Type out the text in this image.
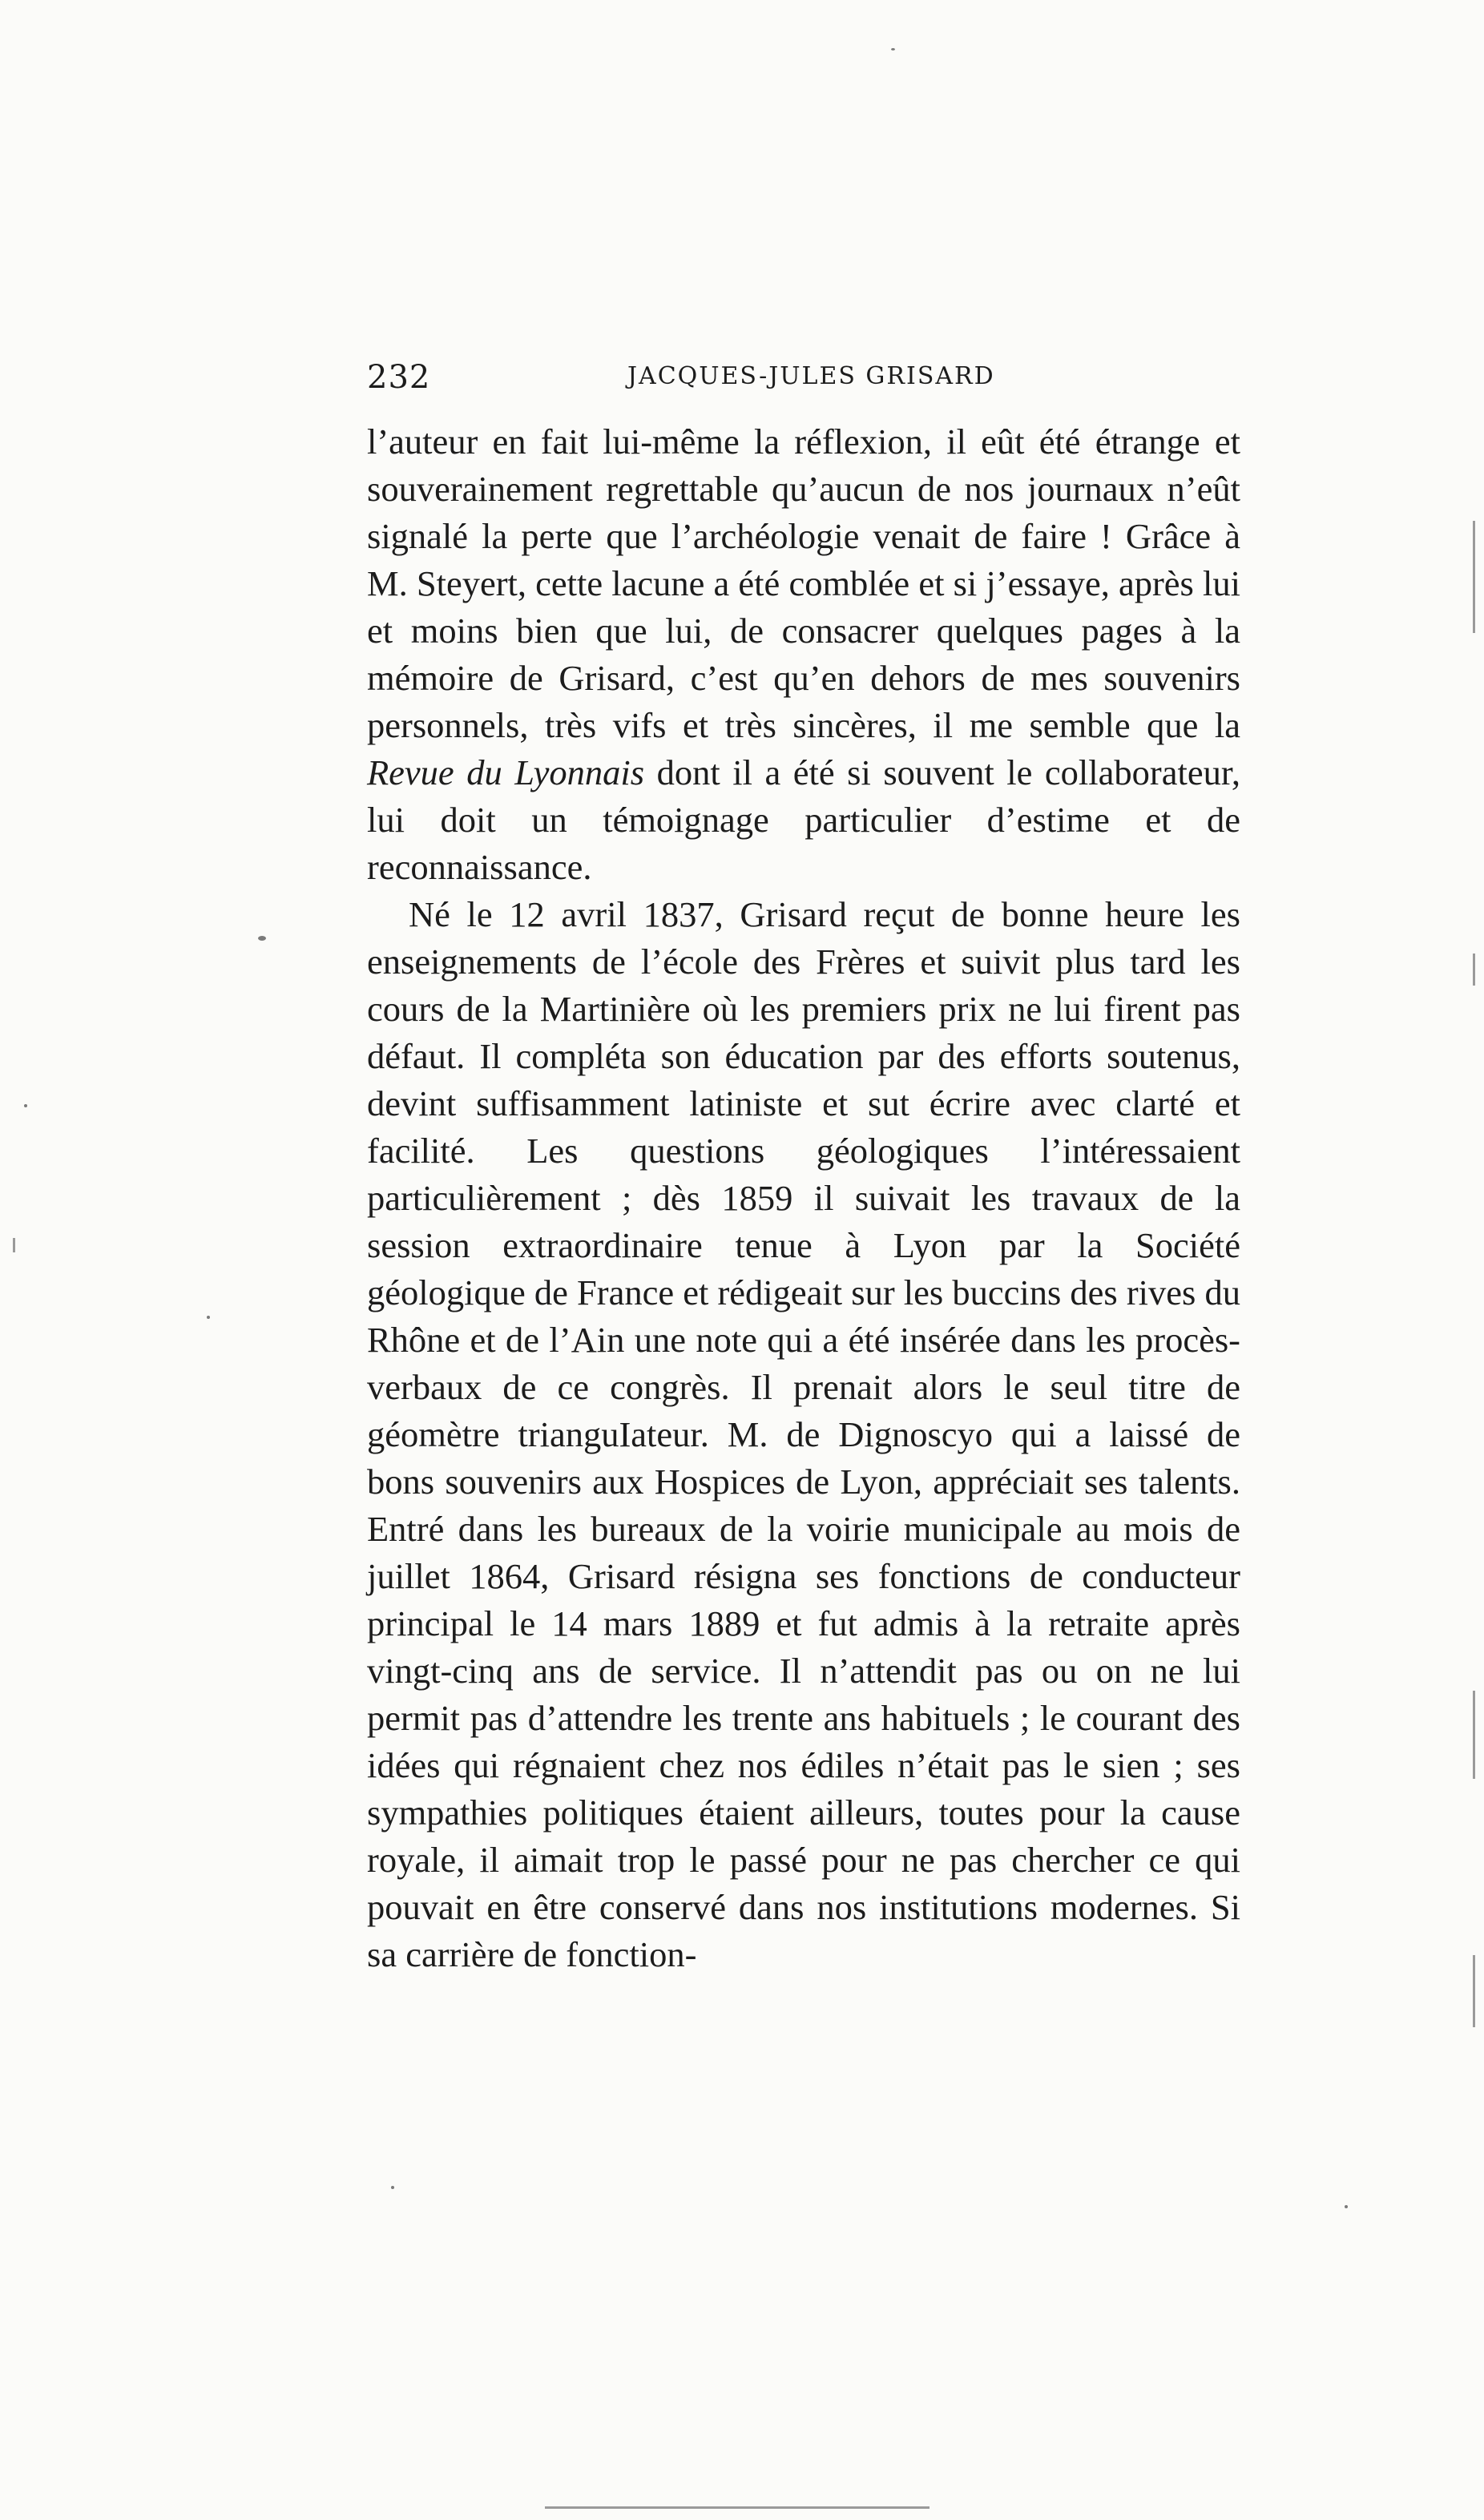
232	JACQUES-JULES GRISARD

l’auteur en fait lui-même la réflexion, il eût été étrange et souverainement regrettable qu’aucun de nos journaux n’eût signalé la perte que l’archéologie venait de faire ! Grâce à M. Steyert, cette lacune a été comblée et si j’essaye, après lui et moins bien que lui, de consacrer quelques pages à la mémoire de Grisard, c’est qu’en dehors de mes souvenirs personnels, très vifs et très sincères, il me semble que la Revue du Lyonnais dont il a été si souvent le collaborateur, lui doit un témoignage particulier d’estime et de reconnaissance.

Né le 12 avril 1837, Grisard reçut de bonne heure les enseignements de l’école des Frères et suivit plus tard les cours de la Martinière où les premiers prix ne lui firent pas défaut. Il compléta son éducation par des efforts soutenus, devint suffisamment latiniste et sut écrire avec clarté et facilité. Les questions géologiques l’intéressaient particulièrement ; dès 1859 il suivait les travaux de la session extraordinaire tenue à Lyon par la Société géologique de France et rédigeait sur les buccins des rives du Rhône et de l’Ain une note qui a été insérée dans les procès-verbaux de ce congrès. Il prenait alors le seul titre de géomètre trianguIateur. M. de Dignoscyo qui a laissé de bons souvenirs aux Hospices de Lyon, appréciait ses talents. Entré dans les bureaux de la voirie municipale au mois de juillet 1864, Grisard résigna ses fonctions de conducteur principal le 14 mars 1889 et fut admis à la retraite après vingt-cinq ans de service. Il n’attendit pas ou on ne lui permit pas d’attendre les trente ans habituels ; le courant des idées qui régnaient chez nos édiles n’était pas le sien ; ses sympathies politiques étaient ailleurs, toutes pour la cause royale, il aimait trop le passé pour ne pas chercher ce qui pouvait en être conservé dans nos institutions modernes. Si sa carrière de fonction-
